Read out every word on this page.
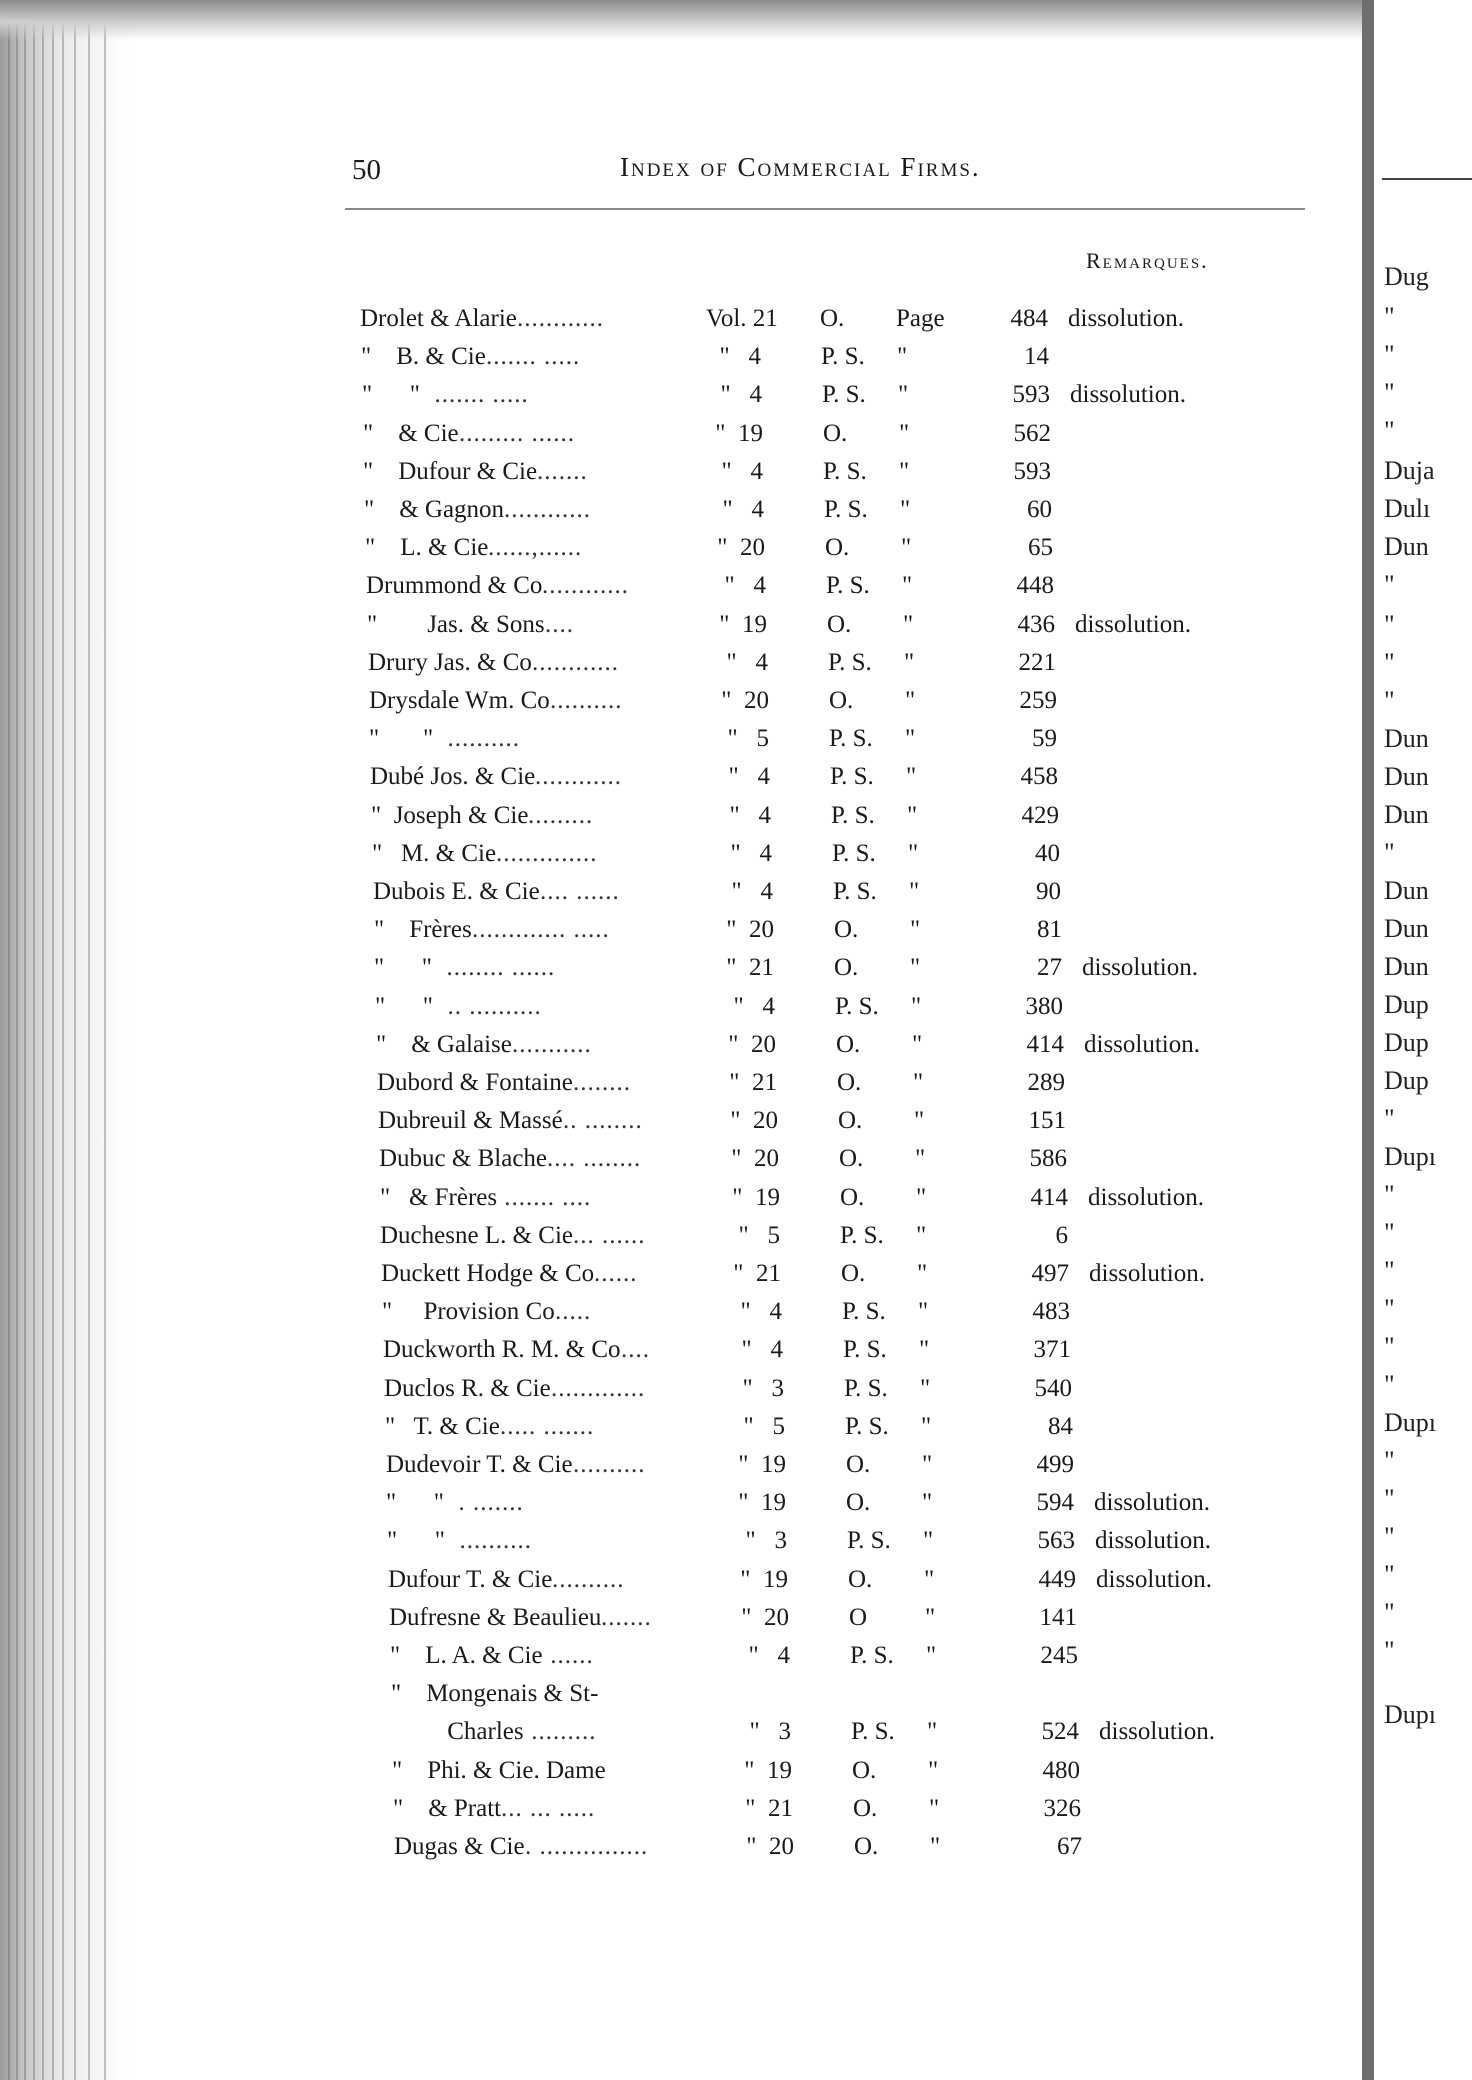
Dug
"
"
"
"
Duja
Dulı
Dun
"
"
"
"
Dun
Dun
Dun
"
Dun
Dun
Dun
Dup
Dup
Dup
"
Dupı
"
"
"
"
"
"
Dupı
"
"
"
"
"
"
Dupı
50	Index of Commercial Firms.
Remarques.
Drolet & Alarie ............	Vol. 21 O.	Page	484 dissolution.
"    B. & Cie ....... .....	"   4 P. S.	"	14
"      " ....... .....	"   4 P. S.	"	593 dissolution.
"    & Cie ......... ......	"  19 O.	"	562
"    Dufour & Cie .......	"   4 P. S.	"	593
"    & Gagnon ............	"   4 P. S.	"	60
"    L. & Cie ......,......	"  20 O.	"	65
Drummond & Co ............	"   4 P. S.	"	448
"        Jas. & Sons ....	"  19 O.	"	436 dissolution.
Drury Jas. & Co ............	"   4 P. S.	"	221
Drysdale Wm. Co ..........	"  20 O.	"	259
"       " ..........	"   5 P. S.	"	59
Dubé Jos. & Cie ............	"   4 P. S.	"	458
"  Joseph & Cie .........	"   4 P. S.	"	429
"   M. & Cie ..............	"   4 P. S.	"	40
Dubois E. & Cie .... ......	"   4 P. S.	"	90
"    Frères ............. .....	"  20 O.	"	81
"      " ........ ......	"  21 O.	"	27 dissolution.
"      " .. ..........	"   4 P. S.	"	380
"    & Galaise ...........	"  20 O.	"	414 dissolution.
Dubord & Fontaine ........	"  21 O.	"	289
Dubreuil & Massé .. ........	"  20 O.	"	151
Dubuc & Blache .... ........	"  20 O.	"	586
"   & Frères ....... ....	"  19 O.	"	414 dissolution.
Duchesne L. & Cie ... ......	"   5 P. S.	"	6
Duckett Hodge & Co ......	"  21 O.	"	497 dissolution.
"     Provision Co .....	"   4 P. S.	"	483
Duckworth R. M. & Co ....	"   4 P. S.	"	371
Duclos R. & Cie .............	"   3 P. S.	"	540
"   T. & Cie ..... .......	"   5 P. S.	"	84
Dudevoir T. & Cie ..........	"  19 O.	"	499
"      " . .......	"  19 O.	"	594 dissolution.
"      " ..........	"   3 P. S.	"	563 dissolution.
Dufour T. & Cie ..........	"  19 O.	"	449 dissolution.
Dufresne & Beaulieu .......	"  20 O	"	141
"    L. A. & Cie ......	"   4 P. S.	"	245
"    Mongenais & St-
Charles .........	"   3 P. S.	"	524 dissolution.
"    Phi. & Cie. Dame	"  19 O.	"	480
"    & Pratt ... ... .....	"  21 O.	"	326
Dugas & Cie . ...............	"  20 O.	"	67
